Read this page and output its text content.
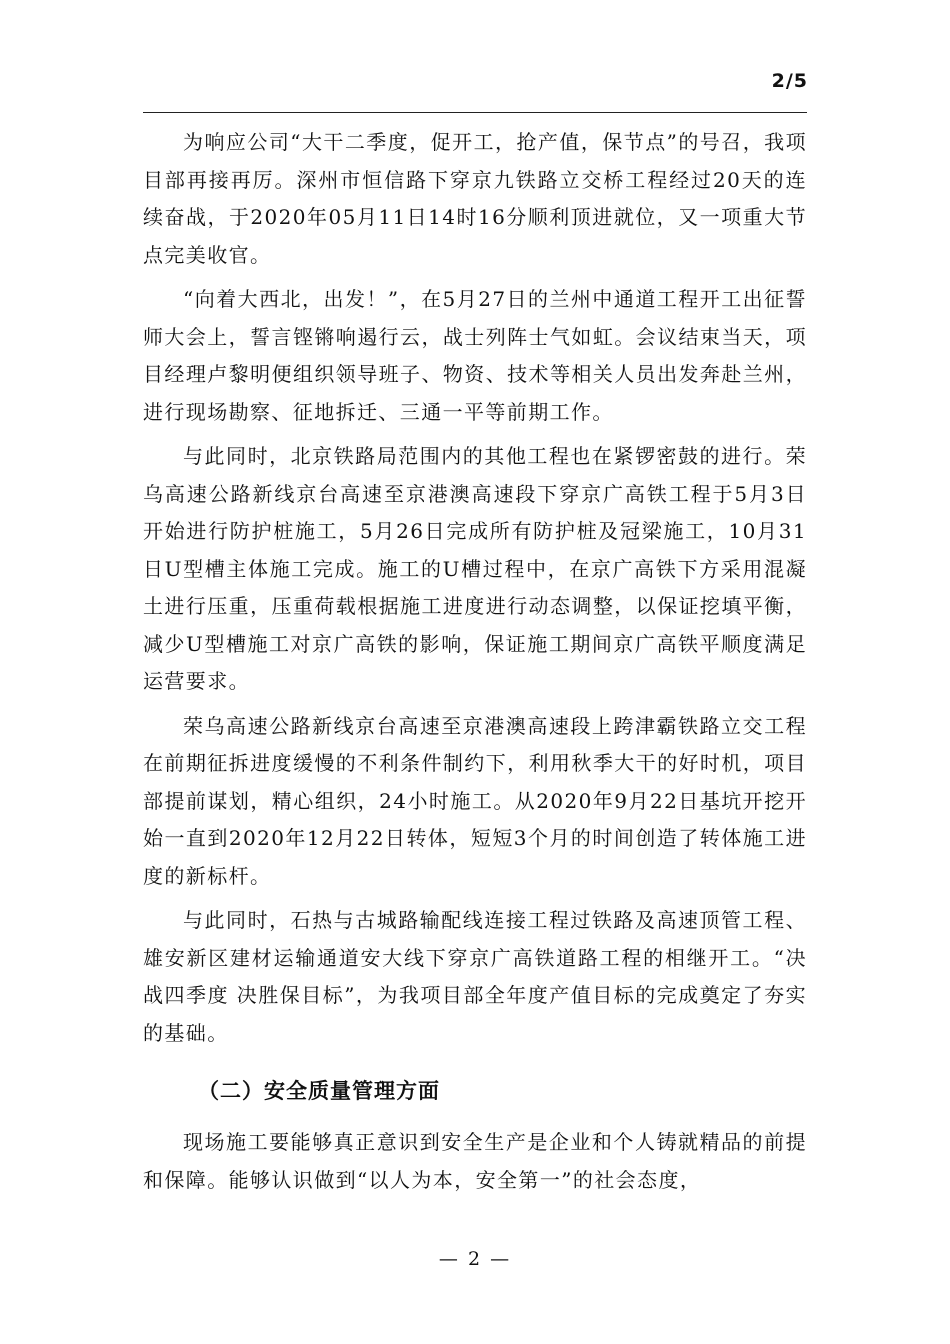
2/5

为响应公司“大干二季度，促开工，抢产值，保节点”的号召，我项目部再接再厉。深州市恒信路下穿京九铁路立交桥工程经过20天的连续奋战，于2020年05月11日14时16分顺利顶进就位，又一项重大节点完美收官。

“向着大西北，出发！”，在5月27日的兰州中通道工程开工出征誓师大会上，誓言铿锵响遏行云，战士列阵士气如虹。会议结束当天，项目经理卢黎明便组织领导班子、物资、技术等相关人员出发奔赴兰州，进行现场勘察、征地拆迁、三通一平等前期工作。

与此同时，北京铁路局范围内的其他工程也在紧锣密鼓的进行。荣乌高速公路新线京台高速至京港澳高速段下穿京广高铁工程于5月3日开始进行防护桩施工，5月26日完成所有防护桩及冠梁施工，10月31日U型槽主体施工完成。施工的U槽过程中，在京广高铁下方采用混凝土进行压重，压重荷载根据施工进度进行动态调整，以保证挖填平衡，减少U型槽施工对京广高铁的影响，保证施工期间京广高铁平顺度满足运营要求。

荣乌高速公路新线京台高速至京港澳高速段上跨津霸铁路立交工程在前期征拆进度缓慢的不利条件制约下，利用秋季大干的好时机，项目部提前谋划，精心组织，24小时施工。从2020年9月22日基坑开挖开始一直到2020年12月22日转体，短短3个月的时间创造了转体施工进度的新标杆。

与此同时，石热与古城路输配线连接工程过铁路及高速顶管工程、雄安新区建材运输通道安大线下穿京广高铁道路工程的相继开工。“决战四季度 决胜保目标”，为我项目部全年度产值目标的完成奠定了夯实的基础。

（二）安全质量管理方面

现场施工要能够真正意识到安全生产是企业和个人铸就精品的前提和保障。能够认识做到“以人为本，安全第一”的社会态度，

— 2 —
